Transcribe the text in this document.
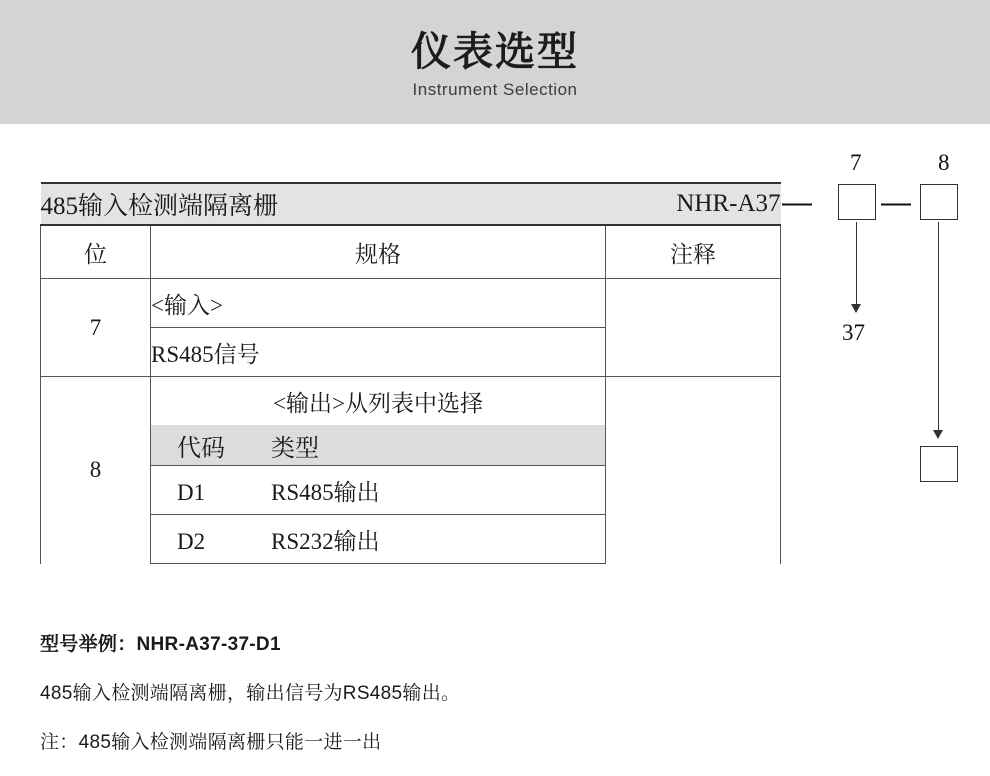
仪表选型
Instrument Selection
485输入检测端隔离栅		NHR-A37
位	规格	注释
7	<输入>	
	RS485信号	
8	<输出>从列表中选择	
	代码 类型	
	D1 RS485输出	
	D2 RS232输出	
—
7
—
8
37
型号举例：NHR-A37-37-D1
485输入检测端隔离栅，输出信号为RS485输出。
注：485输入检测端隔离栅只能一进一出
